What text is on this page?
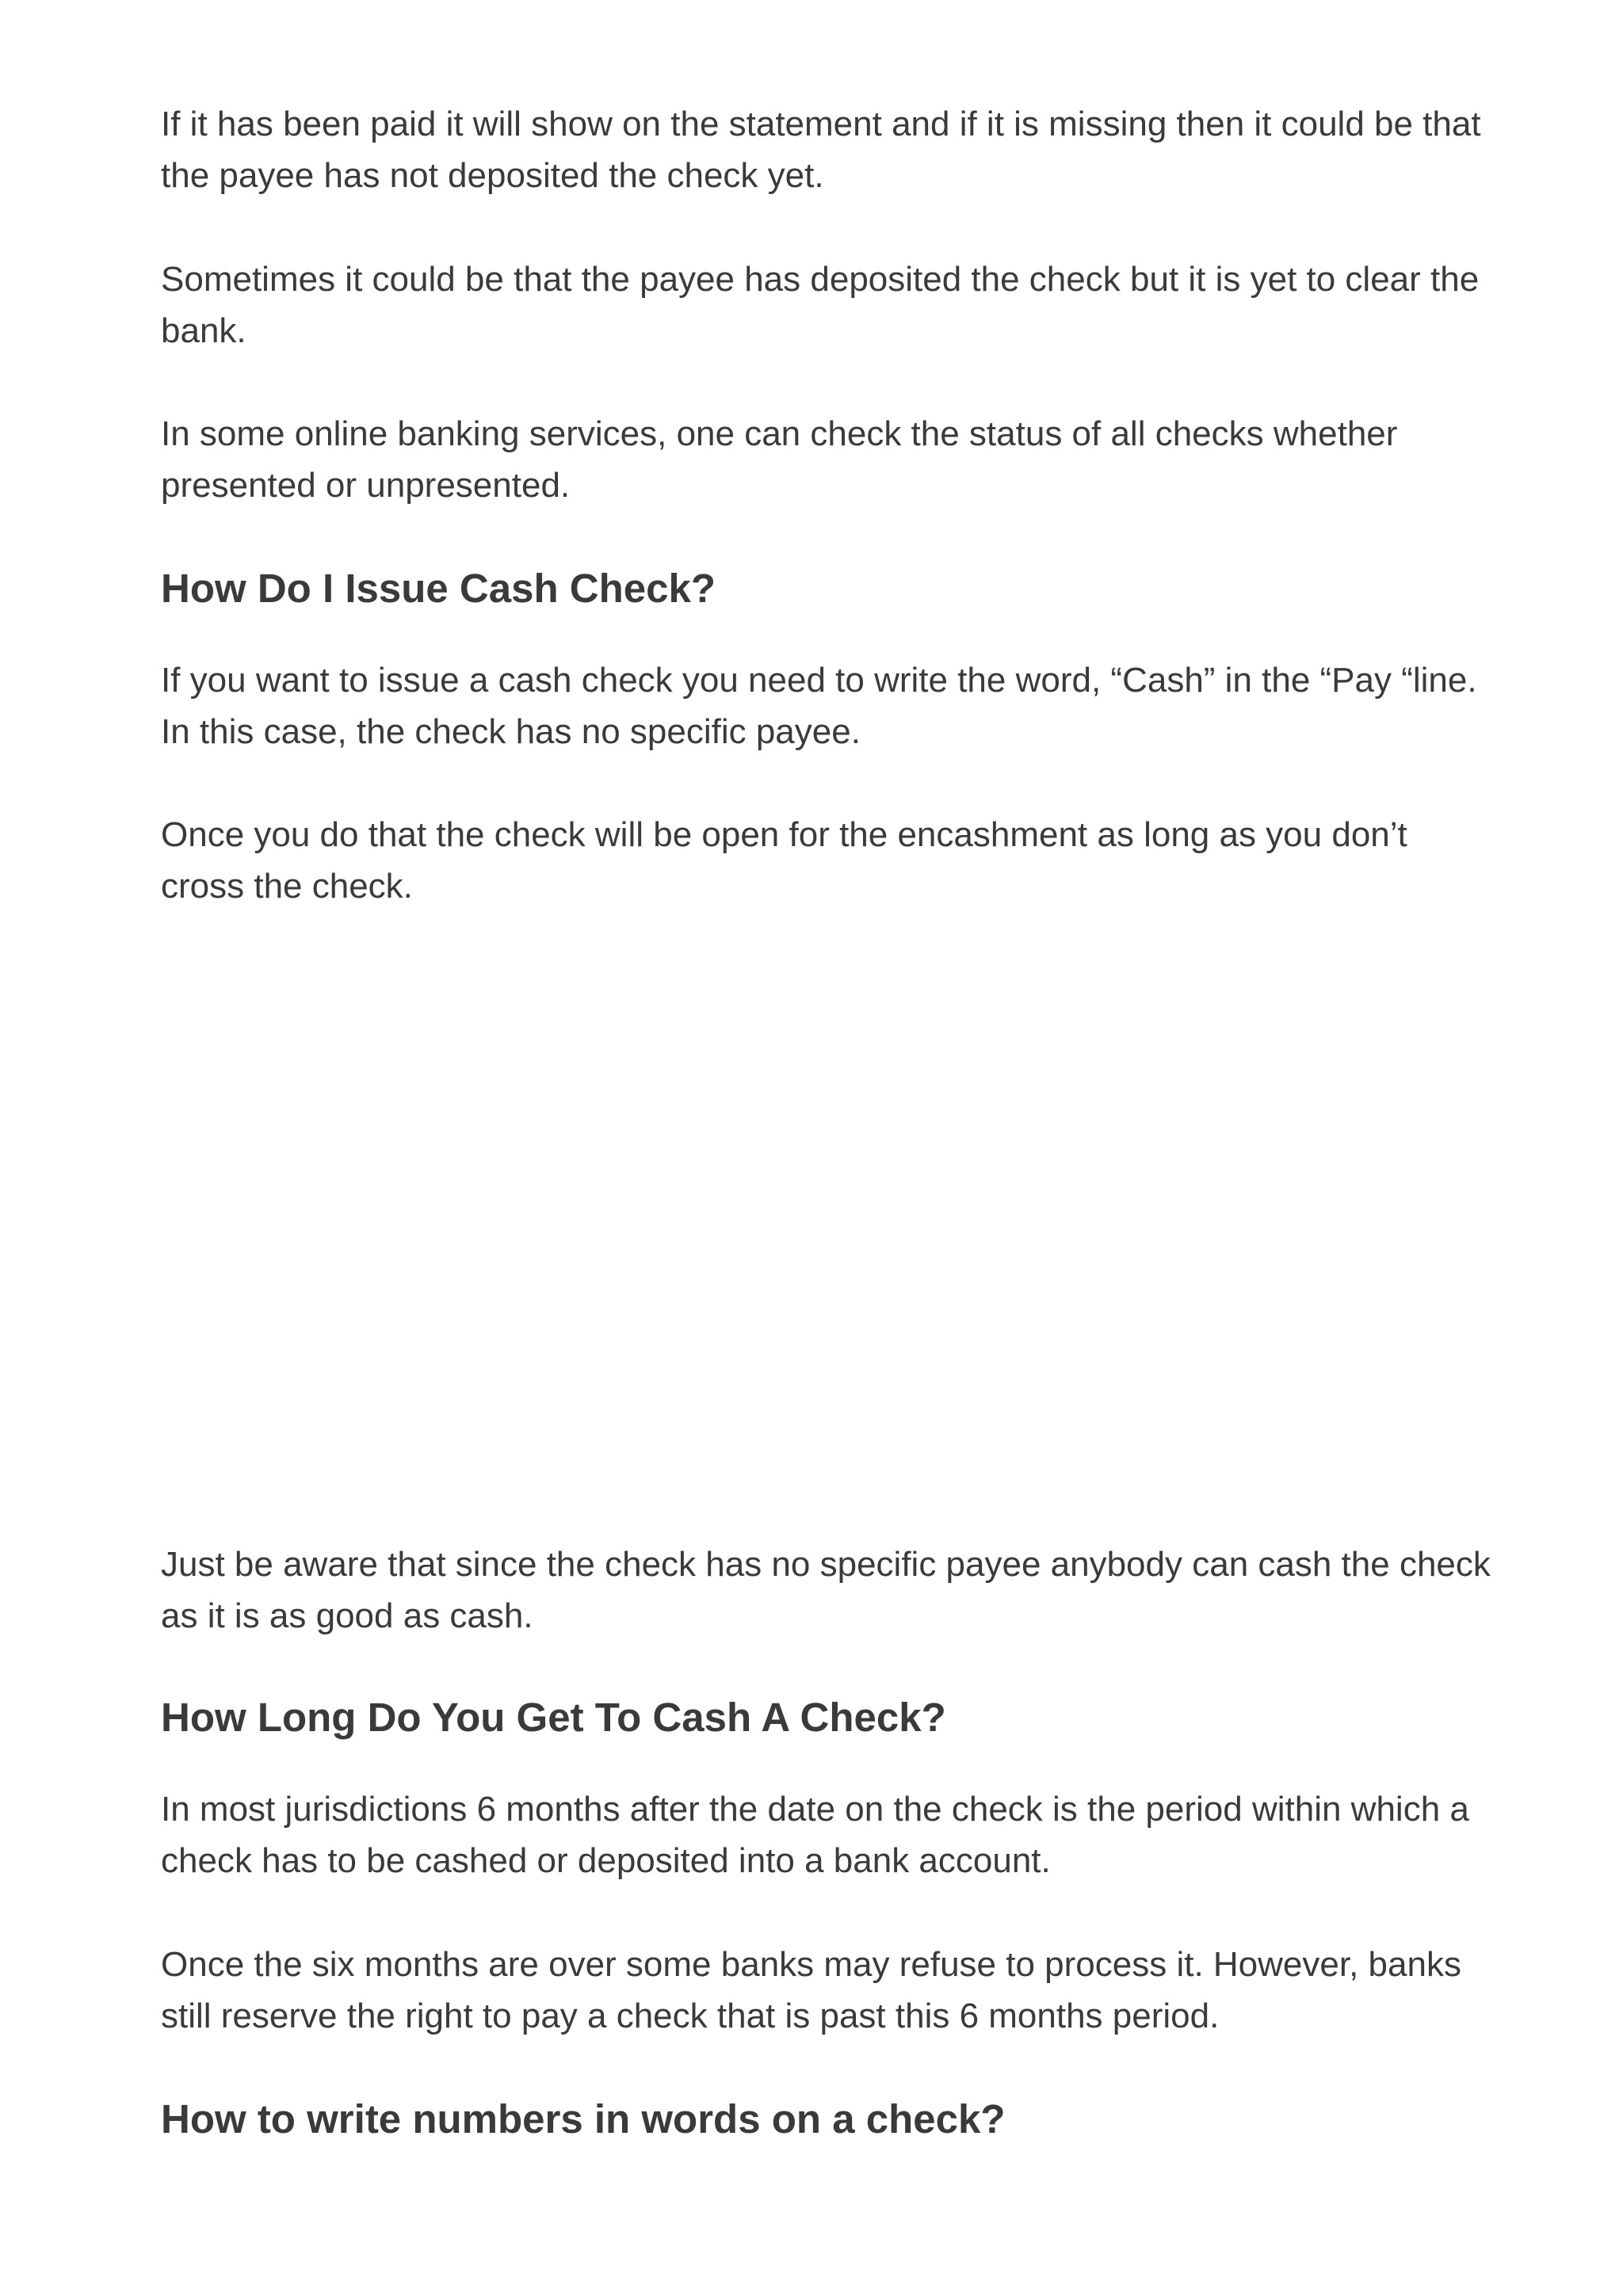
If it has been paid it will show on the statement and if it is missing then it could be that the payee has not deposited the check yet.

Sometimes it could be that the payee has deposited the check but it is yet to clear the bank.

In some online banking services, one can check the status of all checks whether presented or unpresented.

How Do I Issue Cash Check?

If you want to issue a cash check you need to write the word, “Cash” in the “Pay “line. In this case, the check has no specific payee.

Once you do that the check will be open for the encashment as long as you don’t cross the check.

Just be aware that since the check has no specific payee anybody can cash the check as it is as good as cash.

How Long Do You Get To Cash A Check?

In most jurisdictions 6 months after the date on the check is the period within which a check has to be cashed or deposited into a bank account.

Once the six months are over some banks may refuse to process it. However, banks still reserve the right to pay a check that is past this 6 months period.

How to write numbers in words on a check?
